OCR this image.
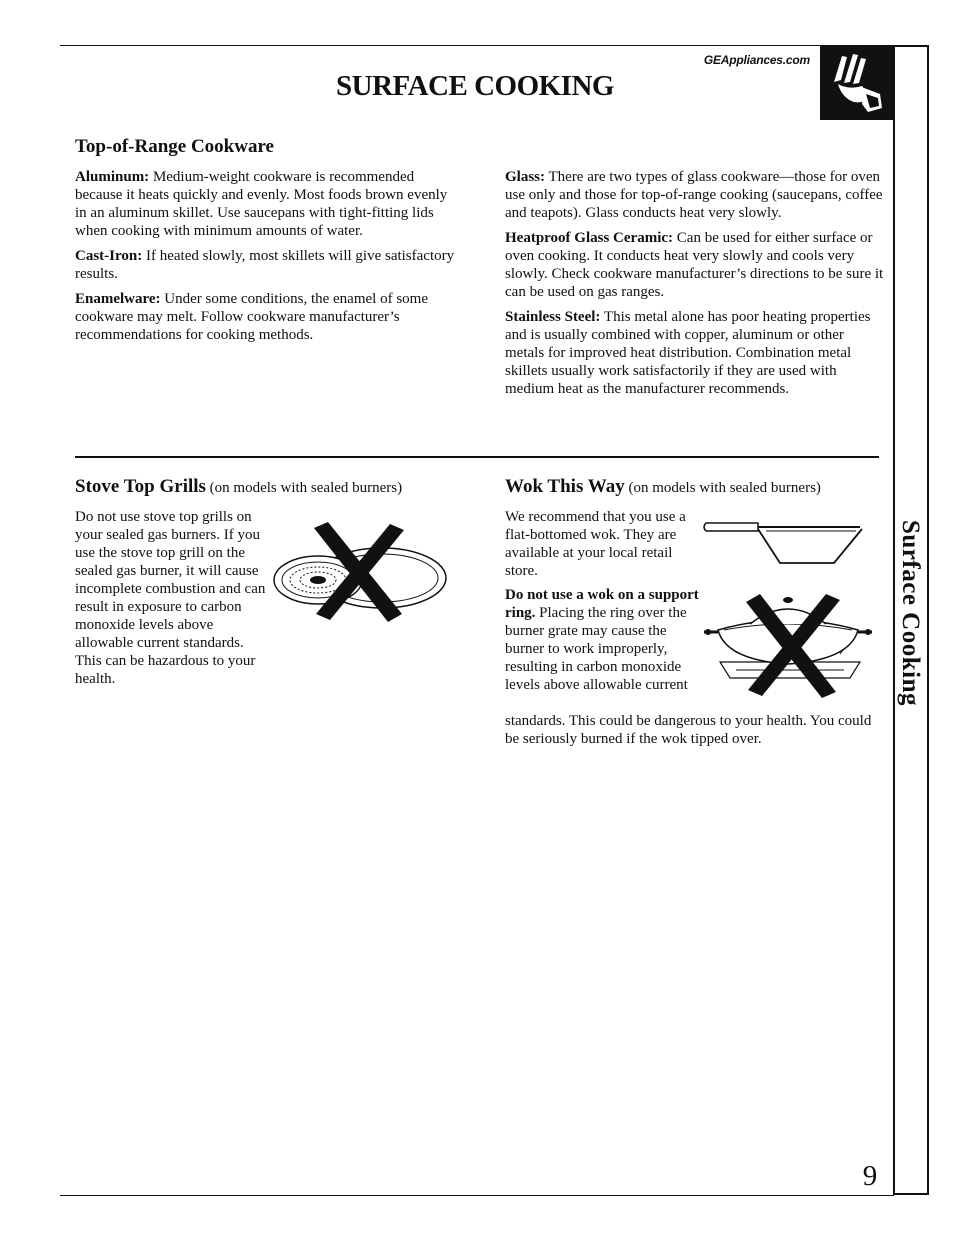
GEAppliances.com
SURFACE COOKING
Surface Cooking
Top-of-Range Cookware

Aluminum: Medium-weight cookware is recommended because it heats quickly and evenly. Most foods brown evenly in an aluminum skillet. Use saucepans with tight-fitting lids when cooking with minimum amounts of water.

Cast-Iron: If heated slowly, most skillets will give satisfactory results.

Enamelware: Under some conditions, the enamel of some cookware may melt. Follow cookware manufacturer’s recommendations for cooking methods.

Glass: There are two types of glass cookware—those for oven use only and those for top-of-range cooking (saucepans, coffee and teapots). Glass conducts heat very slowly.

Heatproof Glass Ceramic: Can be used for either surface or oven cooking. It conducts heat very slowly and cools very slowly. Check cookware manufacturer’s directions to be sure it can be used on gas ranges.

Stainless Steel: This metal alone has poor heating properties and is usually combined with copper, aluminum or other metals for improved heat distribution. Combination metal skillets usually work satisfactorily if they are used with medium heat as the manufacturer recommends.

Stove Top Grills (on models with sealed burners)

Do not use stove top grills on your sealed gas burners. If you use the stove top grill on the sealed gas burner, it will cause incomplete combustion and can result in exposure to carbon monoxide levels above allowable current standards. This can be hazardous to your health.

Wok This Way (on models with sealed burners)

We recommend that you use a flat-bottomed wok. They are available at your local retail store.

Do not use a wok on a support ring. Placing the ring over the burner grate may cause the burner to work improperly, resulting in carbon monoxide levels above allowable current

standards. This could be dangerous to your health. You could be seriously burned if the wok tipped over.

9
